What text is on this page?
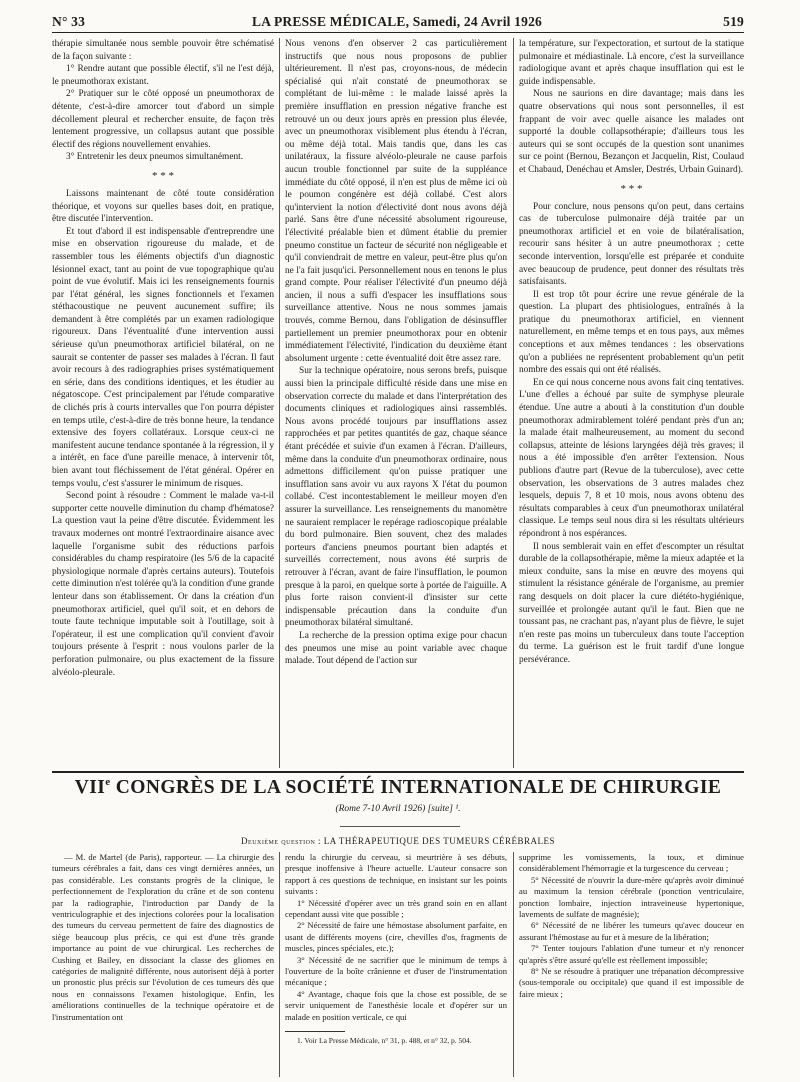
N° 33	LA PRESSE MÉDICALE, Samedi, 24 Avril 1926	519

thérapie simultanée nous semble pouvoir être schématisé de la façon suivante :

1° Rendre autant que possible électif, s'il ne l'est déjà, le pneumothorax existant.

2° Pratiquer sur le côté opposé un pneumothorax de détente, c'est-à-dire amorcer tout d'abord un simple décollement pleural et rechercher ensuite, de façon très lentement progressive, un collapsus autant que possible électif des régions nouvellement envahies.

3° Entretenir les deux pneumos simultanément.

* * *

Laissons maintenant de côté toute considération théorique, et voyons sur quelles bases doit, en pratique, être discutée l'intervention.

Et tout d'abord il est indispensable d'entreprendre une mise en observation rigoureuse du malade, et de rassembler tous les éléments objectifs d'un diagnostic lésionnel exact, tant au point de vue topographique qu'au point de vue évolutif. Mais ici les renseignements fournis par l'état général, les signes fonctionnels et l'examen stéthacoustique ne peuvent aucunement suffire; ils demandent à être complétés par un examen radiologique rigoureux. Dans l'éventualité d'une intervention aussi sérieuse qu'un pneumothorax artificiel bilatéral, on ne saurait se contenter de passer ses malades à l'écran. Il faut avoir recours à des radiographies prises systématiquement en série, dans des conditions identiques, et les étudier au négatoscope. C'est principalement par l'étude comparative de clichés pris à courts intervalles que l'on pourra dépister en temps utile, c'est-à-dire de très bonne heure, la tendance extensive des foyers collatéraux. Lorsque ceux-ci ne manifestent aucune tendance spontanée à la régression, il y a intérêt, en face d'une pareille menace, à intervenir tôt, bien avant tout fléchissement de l'état général. Opérer en temps voulu, c'est s'assurer le minimum de risques.

Second point à résoudre : Comment le malade va-t-il supporter cette nouvelle diminution du champ d'hématose? La question vaut la peine d'être discutée. Évidemment les travaux modernes ont montré l'extraordinaire aisance avec laquelle l'organisme subit des réductions parfois considérables du champ respiratoire (les 5/6 de la capacité physiologique normale d'après certains auteurs). Toutefois cette diminution n'est tolérée qu'à la condition d'une grande lenteur dans son établissement. Or dans la création d'un pneumothorax artificiel, quel qu'il soit, et en dehors de toute faute technique imputable soit à l'outillage, soit à l'opérateur, il est une complication qu'il convient d'avoir toujours présente à l'esprit : nous voulons parler de la perforation pulmonaire, ou plus exactement de la fissure alvéolo-pleurale.

Nous venons d'en observer 2 cas particulièrement instructifs que nous nous proposons de publier ultérieurement. Il n'est pas, croyons-nous, de médecin spécialisé qui n'ait constaté de pneumothorax se complétant de lui-même : le malade laissé après la première insufflation en pression négative franche est retrouvé un ou deux jours après en pression plus élevée, avec un pneumothorax visiblement plus étendu à l'écran, ou même déjà total. Mais tandis que, dans les cas unilatéraux, la fissure alvéolo-pleurale ne cause parfois aucun trouble fonctionnel par suite de la suppléance immédiate du côté opposé, il n'en est plus de même ici où le poumon congénère est déjà collabé. C'est alors qu'intervient la notion d'électivité dont nous avons déjà parlé. Sans être d'une nécessité absolument rigoureuse, l'électivité préalable bien et dûment établie du premier pneumo constitue un facteur de sécurité non négligeable et qu'il conviendrait de mettre en valeur, peut-être plus qu'on ne l'a fait jusqu'ici. Personnellement nous en tenons le plus grand compte. Pour réaliser l'électivité d'un pneumo déjà ancien, il nous a suffi d'espacer les insufflations sous surveillance attentive. Nous ne nous sommes jamais trouvés, comme Bernou, dans l'obligation de désinsuffler partiellement un premier pneumothorax pour en obtenir immédiatement l'électivité, l'indication du deuxième étant absolument urgente : cette éventualité doit être assez rare.

Sur la technique opératoire, nous serons brefs, puisque aussi bien la principale difficulté réside dans une mise en observation correcte du malade et dans l'interprétation des documents cliniques et radiologiques ainsi rassemblés. Nous avons procédé toujours par insufflations assez rapprochées et par petites quantités de gaz, chaque séance étant précédée et suivie d'un examen à l'écran. D'ailleurs, même dans la conduite d'un pneumothorax ordinaire, nous admettons difficilement qu'on puisse pratiquer une insufflation sans avoir vu aux rayons X l'état du poumon collabé. C'est incontestablement le meilleur moyen d'en assurer la surveillance. Les renseignements du manomètre ne sauraient remplacer le repérage radioscopique préalable du bord pulmonaire. Bien souvent, chez des malades porteurs d'anciens pneumos pourtant bien adaptés et surveillés correctement, nous avons été surpris de retrouver à l'écran, avant de faire l'insufflation, le poumon presque à la paroi, en quelque sorte à portée de l'aiguille. A plus forte raison convient-il d'insister sur cette indispensable précaution dans la conduite d'un pneumothorax bilatéral simultané.

La recherche de la pression optima exige pour chacun des pneumos une mise au point variable avec chaque malade. Tout dépend de l'action sur

la température, sur l'expectoration, et surtout de la statique pulmonaire et médiastinale. Là encore, c'est la surveillance radiologique avant et après chaque insufflation qui est le guide indispensable.

Nous ne saurions en dire davantage; mais dans les quatre observations qui nous sont personnelles, il est frappant de voir avec quelle aisance les malades ont supporté la double collapsothérapie; d'ailleurs tous les auteurs qui se sont occupés de la question sont unanimes sur ce point (Bernou, Bezançon et Jacquelin, Rist, Coulaud et Chabaud, Denéchau et Amsler, Destrés, Urbain Guinard).

* * *

Pour conclure, nous pensons qu'on peut, dans certains cas de tuberculose pulmonaire déjà traitée par un pneumothorax artificiel et en voie de bilatéralisation, recourir sans hésiter à un autre pneumothorax ; cette seconde intervention, lorsqu'elle est préparée et conduite avec beaucoup de prudence, peut donner des résultats très satisfaisants.

Il est trop tôt pour écrire une revue générale de la question. La plupart des phtisiologues, entraînés à la pratique du pneumothorax artificiel, en viennent naturellement, en même temps et en tous pays, aux mêmes conceptions et aux mêmes tendances : les observations qu'on a publiées ne représentent probablement qu'un petit nombre des essais qui ont été réalisés.

En ce qui nous concerne nous avons fait cinq tentatives. L'une d'elles a échoué par suite de symphyse pleurale étendue. Une autre a abouti à la constitution d'un double pneumothorax admirablement toléré pendant près d'un an; la malade était malheureusement, au moment du second collapsus, atteinte de lésions laryngées déjà très graves; il nous a été impossible d'en arrêter l'extension. Nous publions d'autre part (Revue de la tuberculose), avec cette observation, les observations de 3 autres malades chez lesquels, depuis 7, 8 et 10 mois, nous avons obtenu des résultats comparables à ceux d'un pneumothorax unilatéral classique. Le temps seul nous dira si les résultats ultérieurs répondront à nos espérances.

Il nous semblerait vain en effet d'escompter un résultat durable de la collapsothérapie, même la mieux adaptée et la mieux conduite, sans la mise en œuvre des moyens qui stimulent la résistance générale de l'organisme, au premier rang desquels on doit placer la cure diététo-hygiénique, surveillée et prolongée autant qu'il le faut. Bien que ne toussant pas, ne crachant pas, n'ayant plus de fièvre, le sujet n'en reste pas moins un tuberculeux dans toute l'acception du terme. La guérison est le fruit tardif d'une longue persévérance.

VIIe CONGRÈS DE LA SOCIÉTÉ INTERNATIONALE DE CHIRURGIE
(Rome 7-10 Avril 1926) [suite] ¹.
Deuxième question : LA THÉRAPEUTIQUE DES TUMEURS CÉRÉBRALES

— M. de Martel (de Paris), rapporteur. — La chirurgie des tumeurs cérébrales a fait, dans ces vingt dernières années, un pas considérable. Les constants progrès de la clinique, le perfectionnement de l'exploration du crâne et de son contenu par la radiographie, l'introduction par Dandy de la ventriculographie et des injections colorées pour la localisation des tumeurs du cerveau permettent de faire des diagnostics de siège beaucoup plus précis, ce qui est d'une très grande importance au point de vue chirurgical. Les recherches de Cushing et Bailey, en dissociant la classe des gliomes en catégories de malignité différente, nous autorisent déjà à porter un pronostic plus précis sur l'évolution de ces tumeurs dès que nous en connaissons l'examen histologique. Enfin, les améliorations continuelles de la technique opératoire et de l'instrumentation ont

rendu la chirurgie du cerveau, si meurtrière à ses débuts, presque inoffensive à l'heure actuelle. L'auteur consacre son rapport à ces questions de technique, en insistant sur les points suivants :

1° Nécessité d'opérer avec un très grand soin en en allant cependant aussi vite que possible ;

2° Nécessité de faire une hémostase absolument parfaite, en usant de différents moyens (cire, chevilles d'os, fragments de muscles, pinces spéciales, etc.);

3° Nécessité de ne sacrifier que le minimum de temps à l'ouverture de la boîte crânienne et d'user de l'instrumentation mécanique ;

4° Avantage, chaque fois que la chose est possible, de se servir uniquement de l'anesthésie locale et d'opérer sur un malade en position verticale, ce qui

1. Voir La Presse Médicale, n° 31, p. 488, et n° 32, p. 504.

supprime les vomissements, la toux, et diminue considérablement l'hémorragie et la turgescence du cerveau ;

5° Nécessité de n'ouvrir la dure-mère qu'après avoir diminué au maximum la tension cérébrale (ponction ventriculaire, ponction lombaire, injection intraveineuse hypertonique, lavements de sulfate de magnésie);

6° Nécessité de ne libérer les tumeurs qu'avec douceur en assurant l'hémostase au fur et à mesure de la libération;

7° Tenter toujours l'ablation d'une tumeur et n'y renoncer qu'après s'être assuré qu'elle est réellement impossible;

8° Ne se résoudre à pratiquer une trépanation décompressive (sous-temporale ou occipitale) que quand il est impossible de faire mieux ;
